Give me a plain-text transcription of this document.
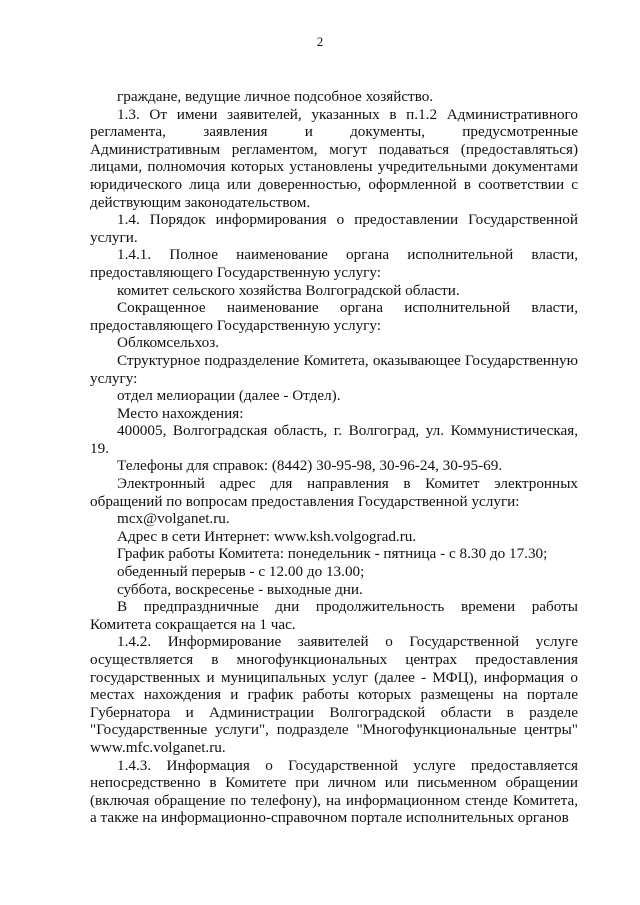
2

граждане, ведущие личное подсобное хозяйство.

1.3. От имени заявителей, указанных в п.1.2 Административного регламента, заявления и документы, предусмотренные Административным регламентом, могут подаваться (предоставляться) лицами, полномочия которых установлены учредительными документами юридического лица или доверенностью, оформленной в соответствии с действующим законодательством.

1.4. Порядок информирования о предоставлении Государственной услуги.

1.4.1. Полное наименование органа исполнительной власти, предоставляющего Государственную услугу:

комитет сельского хозяйства Волгоградской области.

Сокращенное наименование органа исполнительной власти, предоставляющего Государственную услугу:

Облкомсельхоз.

Структурное подразделение Комитета, оказывающее Государственную услугу:

отдел мелиорации (далее - Отдел).

Место нахождения:

400005, Волгоградская область, г. Волгоград, ул. Коммунистическая, 19.

Телефоны для справок: (8442) 30-95-98, 30-96-24, 30-95-69.

Электронный адрес для направления в Комитет электронных обращений по вопросам предоставления Государственной услуги:

mcx@volganet.ru.

Адрес в сети Интернет: www.ksh.volgograd.ru.

График работы Комитета: понедельник - пятница - с 8.30 до 17.30;

обеденный перерыв - с 12.00 до 13.00;

суббота, воскресенье - выходные дни.

В предпраздничные дни продолжительность времени работы Комитета сокращается на 1 час.

1.4.2. Информирование заявителей о Государственной услуге осуществляется в многофункциональных центрах предоставления государственных и муниципальных услуг (далее - МФЦ), информация о местах нахождения и график работы которых размещены на портале Губернатора и Администрации Волгоградской области в разделе "Государственные услуги", подразделе "Многофункциональные центры" www.mfc.volganet.ru.

1.4.3. Информация о Государственной услуге предоставляется непосредственно в Комитете при личном или письменном обращении (включая обращение по телефону), на информационном стенде Комитета, а также на информационно-справочном портале исполнительных органов
